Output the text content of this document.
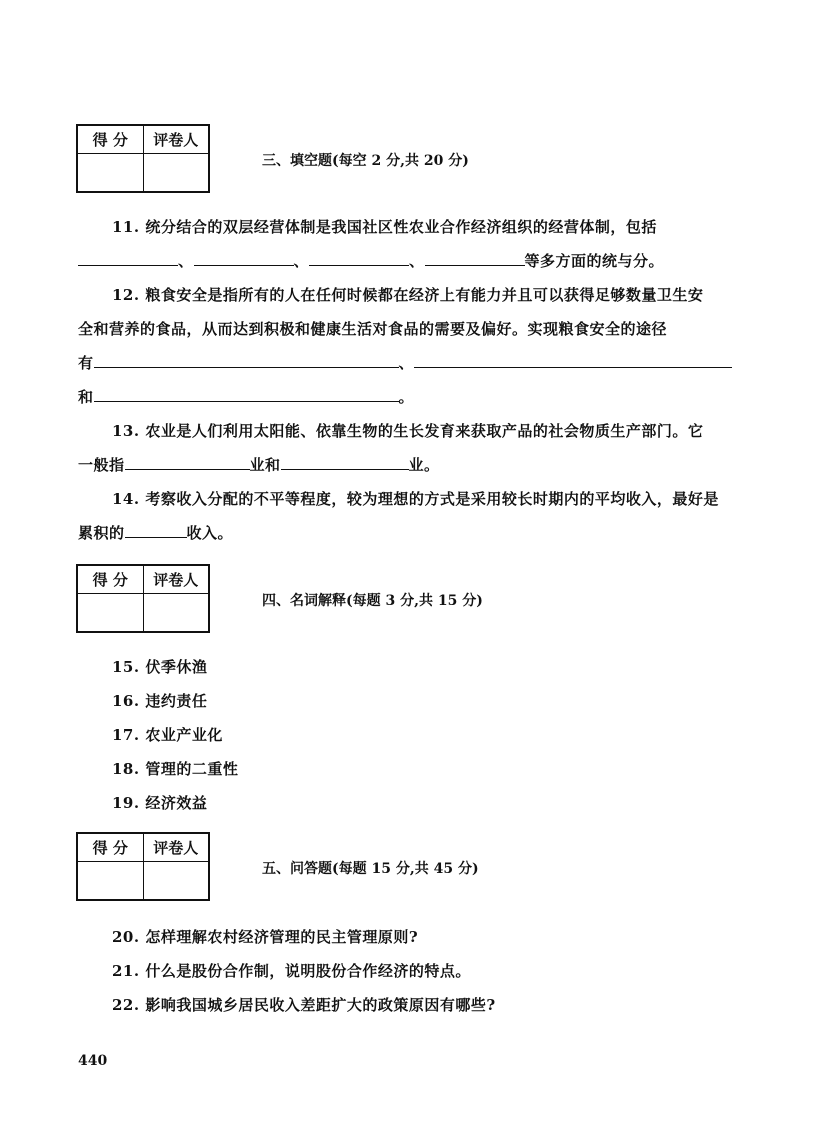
得 分	评卷人

三、填空题(每空 2 分,共 20 分)
11. 统分结合的双层经营体制是我国社区性农业合作经济组织的经营体制，包括
、	、	、	等多方面的统与分。
12. 粮食安全是指所有的人在任何时候都在经济上有能力并且可以获得足够数量卫生安
全和营养的食品，从而达到积极和健康生活对食品的需要及偏好。实现粮食安全的途径
有	、
和	。
13. 农业是人们利用太阳能、依靠生物的生长发育来获取产品的社会物质生产部门。它
一般指	业和	业。
14. 考察收入分配的不平等程度，较为理想的方式是采用较长时期内的平均收入，最好是
累积的	收入。
得 分	评卷人

四、名词解释(每题 3 分,共 15 分)
15. 伏季休渔
16. 违约责任
17. 农业产业化
18. 管理的二重性
19. 经济效益
得 分	评卷人

五、问答题(每题 15 分,共 45 分)
20. 怎样理解农村经济管理的民主管理原则?
21. 什么是股份合作制，说明股份合作经济的特点。
22. 影响我国城乡居民收入差距扩大的政策原因有哪些?
440
